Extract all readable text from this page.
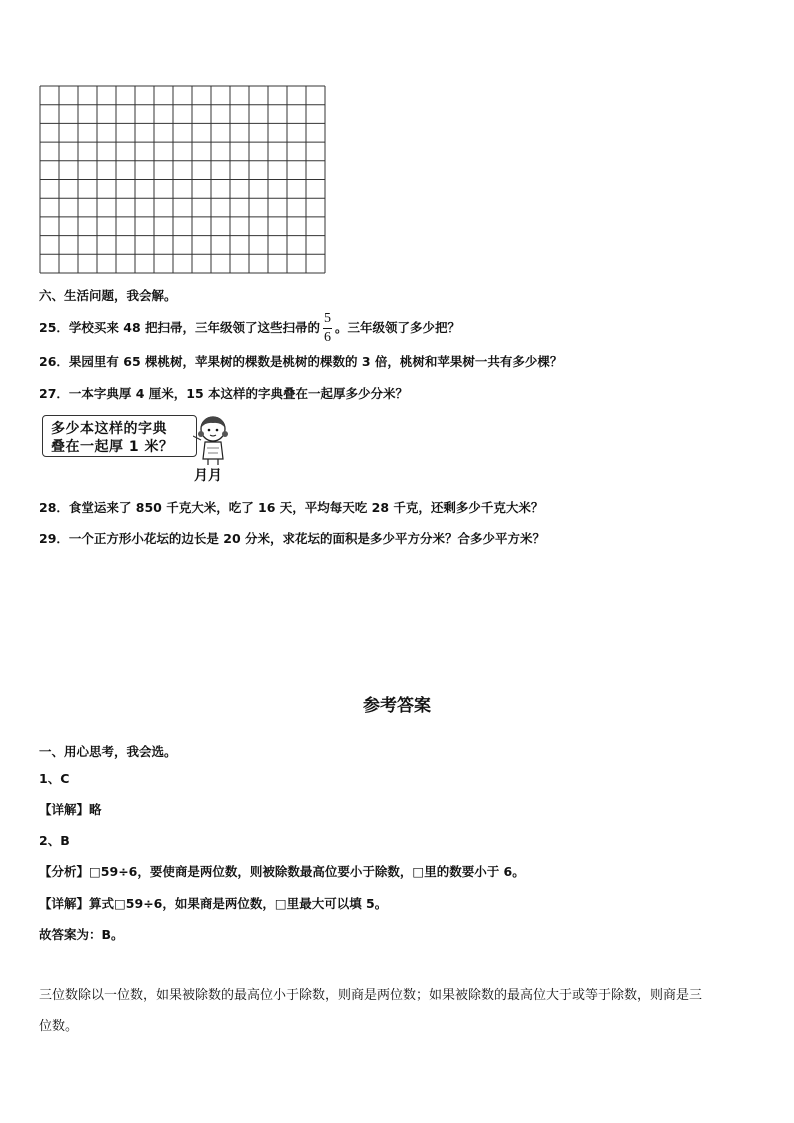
六、生活问题，我会解。
25．学校买来 48 把扫帚，三年级领了这些扫帚的 $\frac{5}{6}$ 。三年级领了多少把？
26．果园里有 65 棵桃树，苹果树的棵数是桃树的棵数的 3 倍，桃树和苹果树一共有多少棵？
27．一本字典厚 4 厘米，15 本这样的字典叠在一起厚多少分米？
多少本这样的字典
叠在一起厚 1 米？
月月
28．食堂运来了 850 千克大米，吃了 16 天，平均每天吃 28 千克，还剩多少千克大米？
29．一个正方形小花坛的边长是 20 分米，求花坛的面积是多少平方分米？合多少平方米？
参考答案
一、用心思考，我会选。
1、C
【详解】略
2、B
【分析】□59÷6，要使商是两位数，则被除数最高位要小于除数，□里的数要小于 6。
【详解】算式□59÷6，如果商是两位数，□里最大可以填 5。
故答案为：B。
三位数除以一位数，如果被除数的最高位小于除数，则商是两位数；如果被除数的最高位大于或等于除数，则商是三
位数。
